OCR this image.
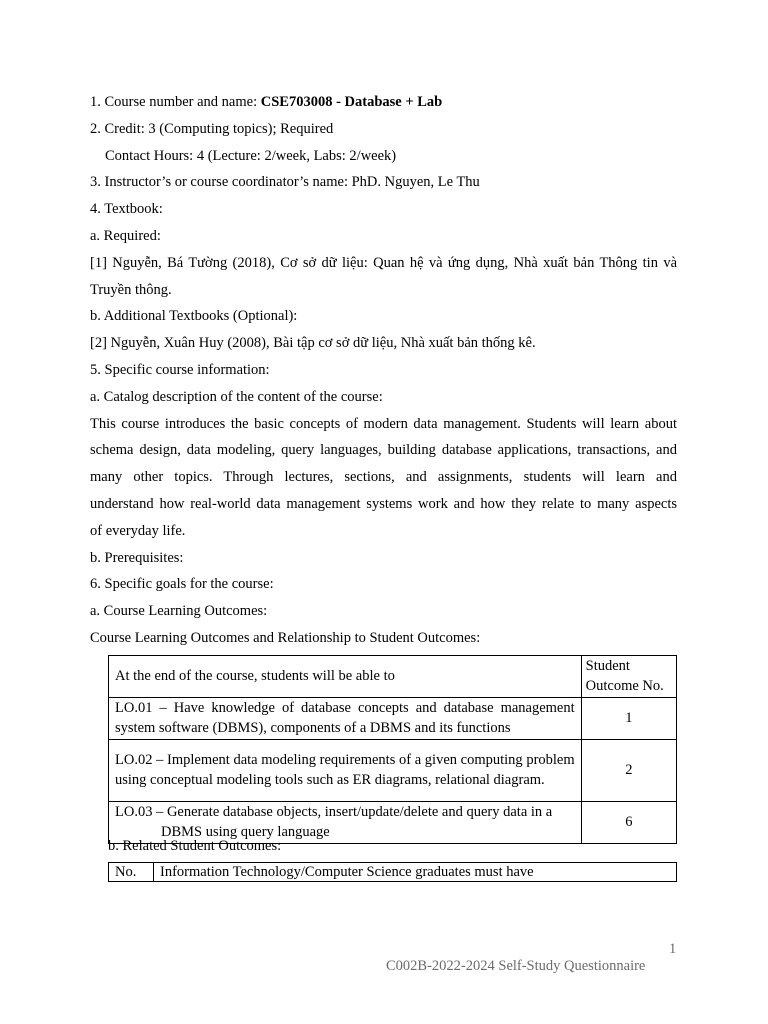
1. Course number and name: CSE703008 - Database + Lab
2. Credit: 3 (Computing topics); Required
Contact Hours: 4 (Lecture: 2/week, Labs: 2/week)
3. Instructor’s or course coordinator’s name: PhD. Nguyen, Le Thu
4. Textbook:
a. Required:
[1] Nguyễn, Bá Tường (2018), Cơ sở dữ liệu: Quan hệ và ứng dụng, Nhà xuất bản Thông tin và
Truyền thông.
b. Additional Textbooks (Optional):
[2] Nguyễn, Xuân Huy (2008), Bài tập cơ sở dữ liệu, Nhà xuất bản thống kê.
5. Specific course information:
a. Catalog description of the content of the course:
This course introduces the basic concepts of modern data management. Students will learn about
schema design, data modeling, query languages, building database applications, transactions, and
many other topics. Through lectures, sections, and assignments, students will learn and
understand how real-world data management systems work and how they relate to many aspects
of everyday life.
b. Prerequisites:
6. Specific goals for the course:
a. Course Learning Outcomes:
Course Learning Outcomes and Relationship to Student Outcomes:
At the end of the course, students will be able to	Student Outcome No.
LO.01 – Have knowledge of database concepts and database management system software (DBMS), components of a DBMS and its functions	1
LO.02 – Implement data modeling requirements of a given computing problem using conceptual modeling tools such as ER diagrams, relational diagram.	2
LO.03 – Generate database objects, insert/update/delete and query data in a
DBMS using query language	6
b. Related Student Outcomes:
No.	Information Technology/Computer Science graduates must have
1
C002B-2022-2024 Self-Study Questionnaire
